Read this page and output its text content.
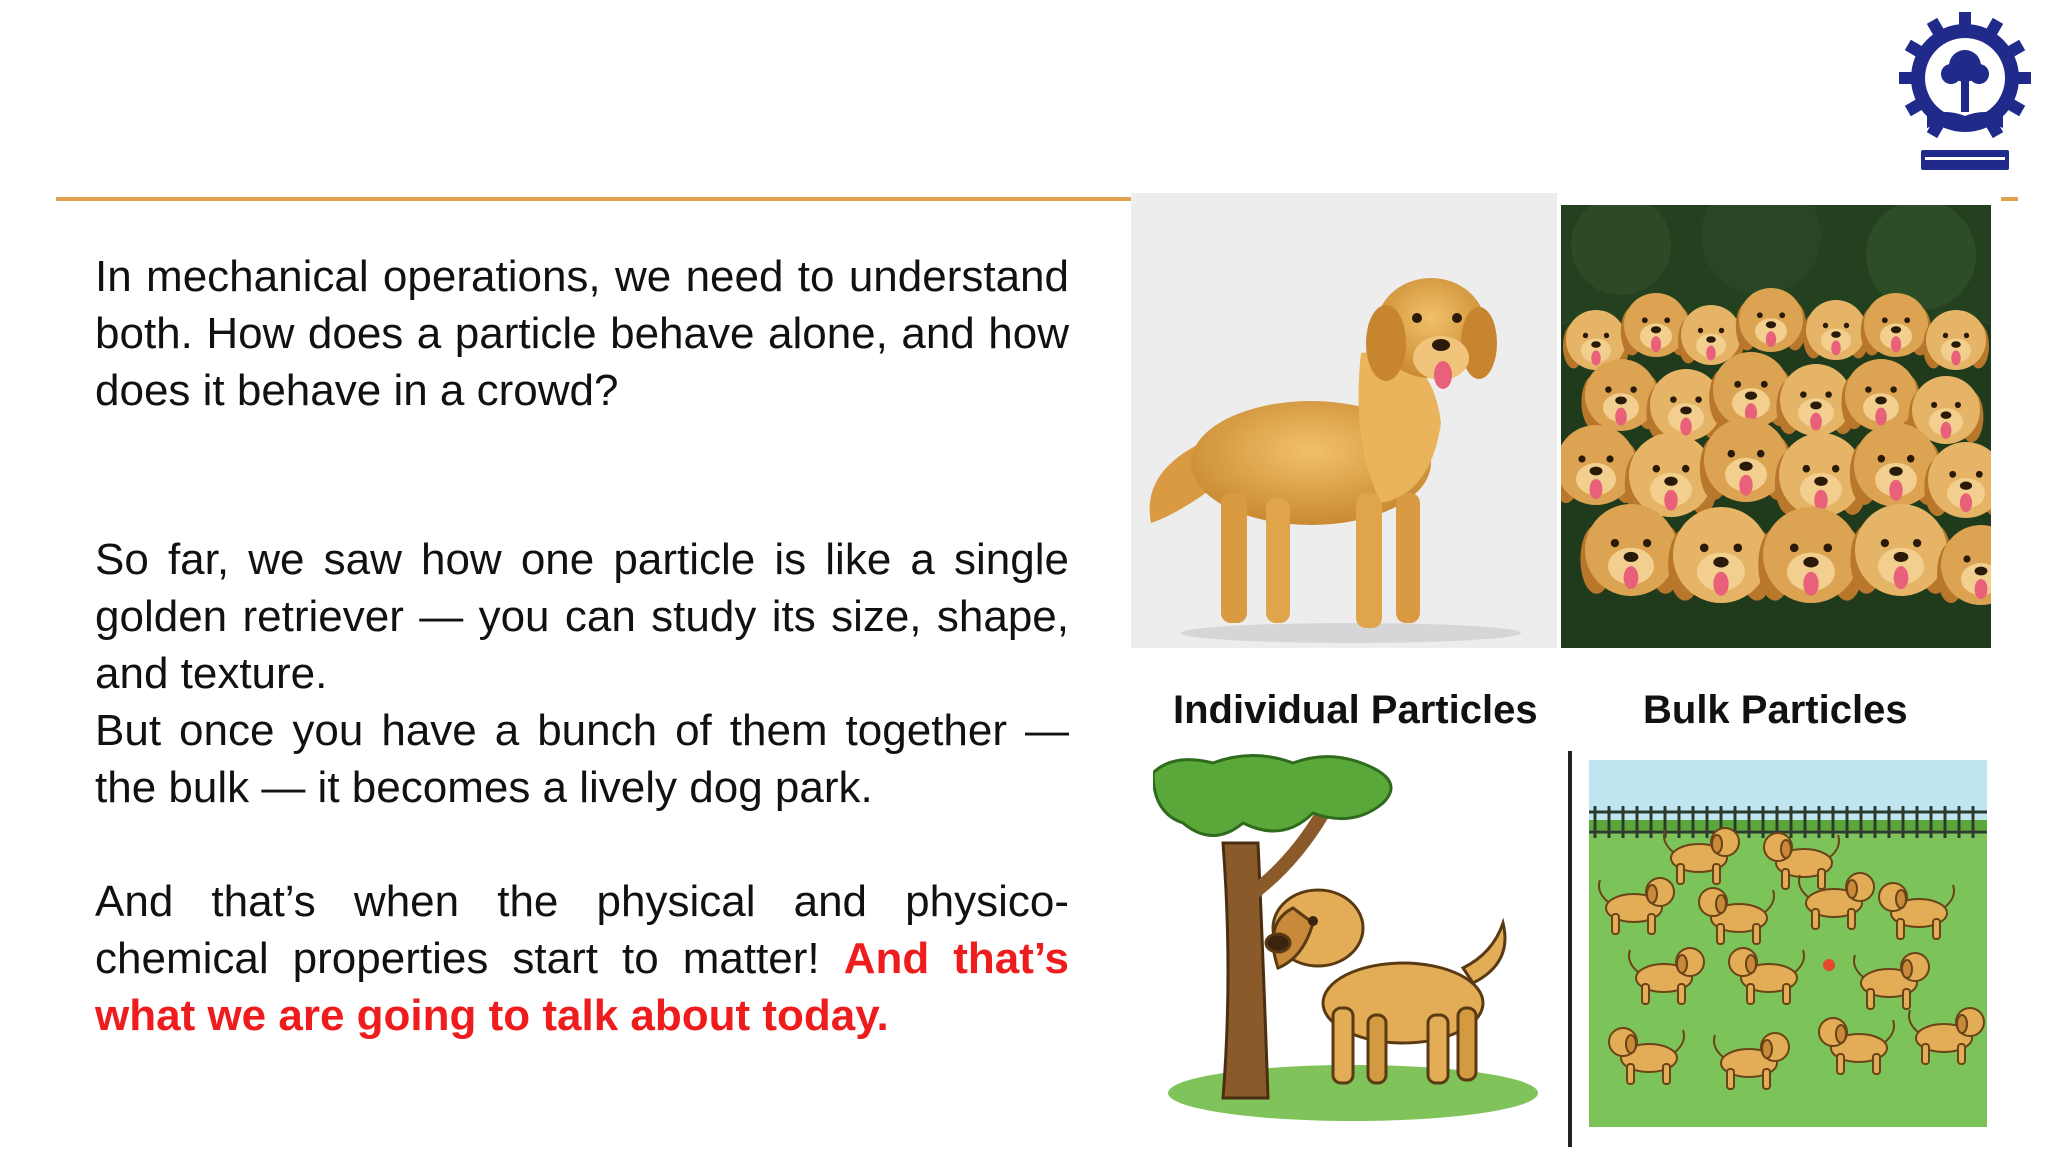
In mechanical operations, we need to understand both. How does a particle behave alone, and how does it behave in a crowd?

So far, we saw how one particle is like a single golden retriever — you can study its size, shape, and texture.

But once you have a bunch of them together — the bulk — it becomes a lively dog park.

And that’s when the physical and physico-chemical properties start to matter! And that’s what we are going to talk about today.

Individual Particles	Bulk Particles
